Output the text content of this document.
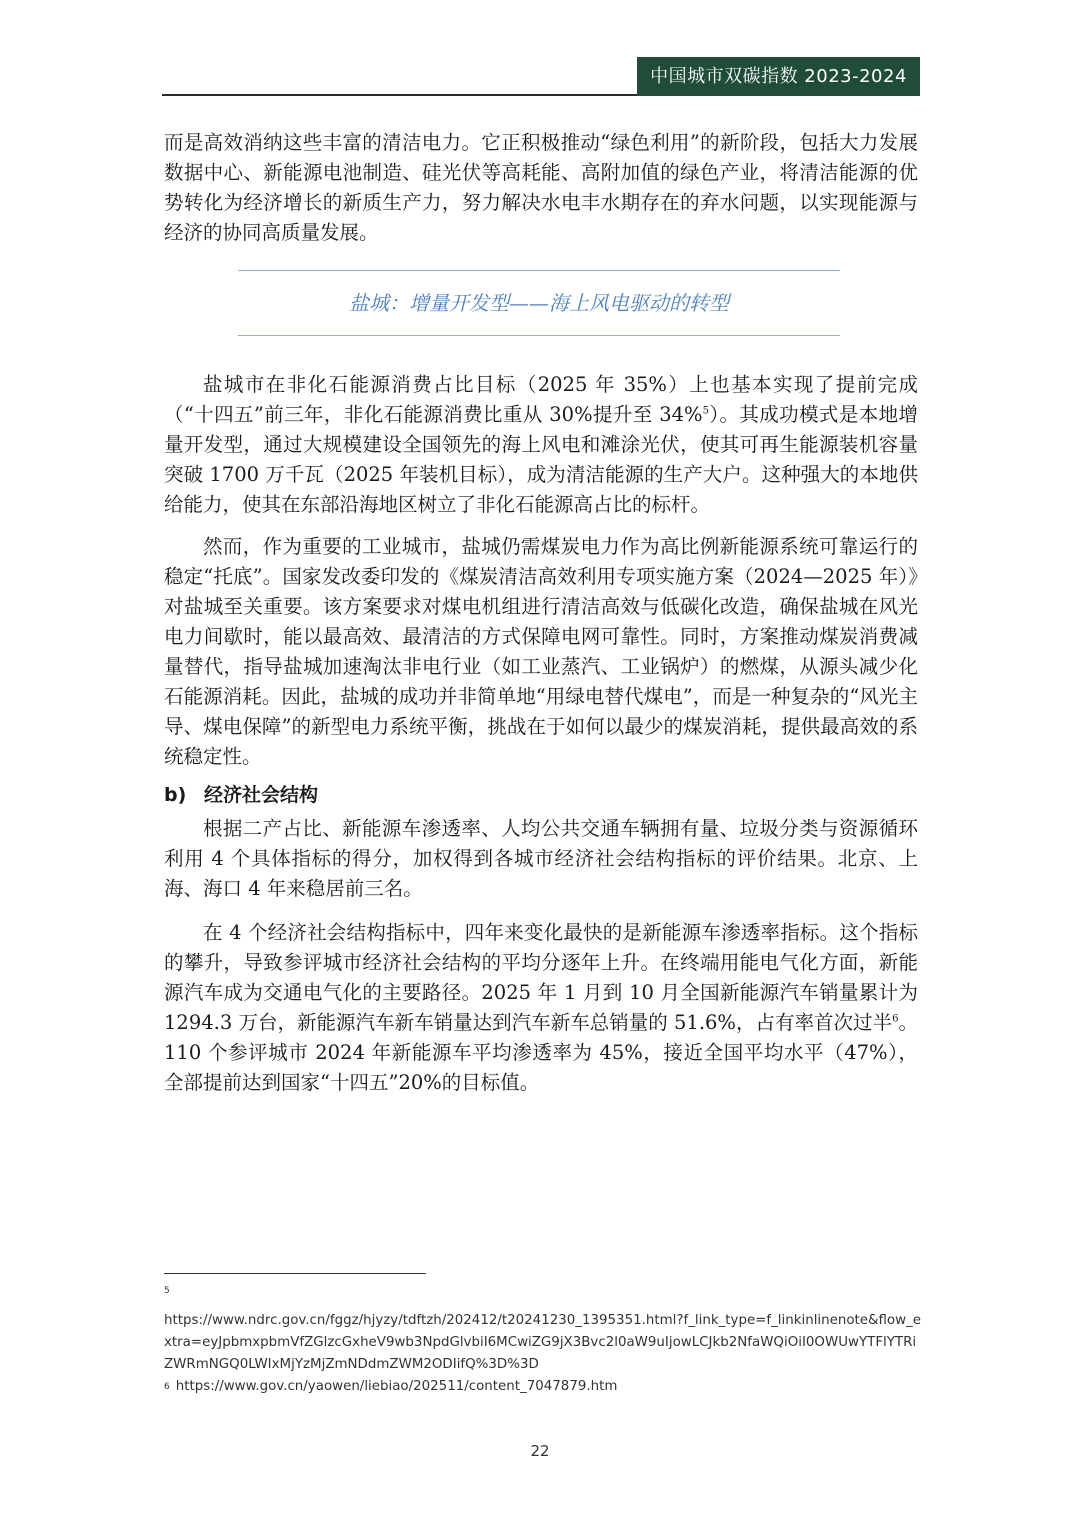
中国城市双碳指数 2023-2024

而是高效消纳这些丰富的清洁电力。它正积极推动“绿色利用”的新阶段，包括大力发展数据中心、新能源电池制造、硅光伏等高耗能、高附加值的绿色产业，将清洁能源的优势转化为经济增长的新质生产力，努力解决水电丰水期存在的弃水问题，以实现能源与经济的协同高质量发展。

盐城：增量开发型——海上风电驱动的转型

盐城市在非化石能源消费占比目标（2025 年 35%）上也基本实现了提前完成（“十四五”前三年，非化石能源消费比重从 30%提升至 34%$^5$）。其成功模式是本地增量开发型，通过大规模建设全国领先的海上风电和滩涂光伏，使其可再生能源装机容量突破 1700 万千瓦（2025 年装机目标），成为清洁能源的生产大户。这种强大的本地供给能力，使其在东部沿海地区树立了非化石能源高占比的标杆。

然而，作为重要的工业城市，盐城仍需煤炭电力作为高比例新能源系统可靠运行的稳定“托底”。国家发改委印发的《煤炭清洁高效利用专项实施方案（2024—2025 年）》对盐城至关重要。该方案要求对煤电机组进行清洁高效与低碳化改造，确保盐城在风光电力间歇时，能以最高效、最清洁的方式保障电网可靠性。同时，方案推动煤炭消费减量替代，指导盐城加速淘汰非电行业（如工业蒸汽、工业锅炉）的燃煤，从源头减少化石能源消耗。因此，盐城的成功并非简单地“用绿电替代煤电”，而是一种复杂的“风光主导、煤电保障”的新型电力系统平衡，挑战在于如何以最少的煤炭消耗，提供最高效的系统稳定性。

b) 经济社会结构

根据二产占比、新能源车渗透率、人均公共交通车辆拥有量、垃圾分类与资源循环利用 4 个具体指标的得分，加权得到各城市经济社会结构指标的评价结果。北京、上海、海口 4 年来稳居前三名。

在 4 个经济社会结构指标中，四年来变化最快的是新能源车渗透率指标。这个指标的攀升，导致参评城市经济社会结构的平均分逐年上升。在终端用能电气化方面，新能源汽车成为交通电气化的主要路径。2025 年 1 月到 10 月全国新能源汽车销量累计为 1294.3 万台，新能源汽车新车销量达到汽车新车总销量的 51.6%，占有率首次过半$^6$。110 个参评城市 2024 年新能源车平均渗透率为 45%，接近全国平均水平（47%），全部提前达到国家“十四五”20%的目标值。

5

https://www.ndrc.gov.cn/fggz/hjyzy/tdftzh/202412/t20241230_1395351.html?f_link_type=f_linkinlinenote&flow_extra=eyJpbmxpbmVfZGlzcGxheV9wb3NpdGlvbiI6MCwiZG9jX3Bvc2l0aW9uIjowLCJkb2NfaWQiOiI0OWUwYTFlYTRiZWRmNGQ0LWIxMjYzMjZmNDdmZWM2ODIifQ%3D%3D

$^6$ https://www.gov.cn/yaowen/liebiao/202511/content_7047879.htm

22
